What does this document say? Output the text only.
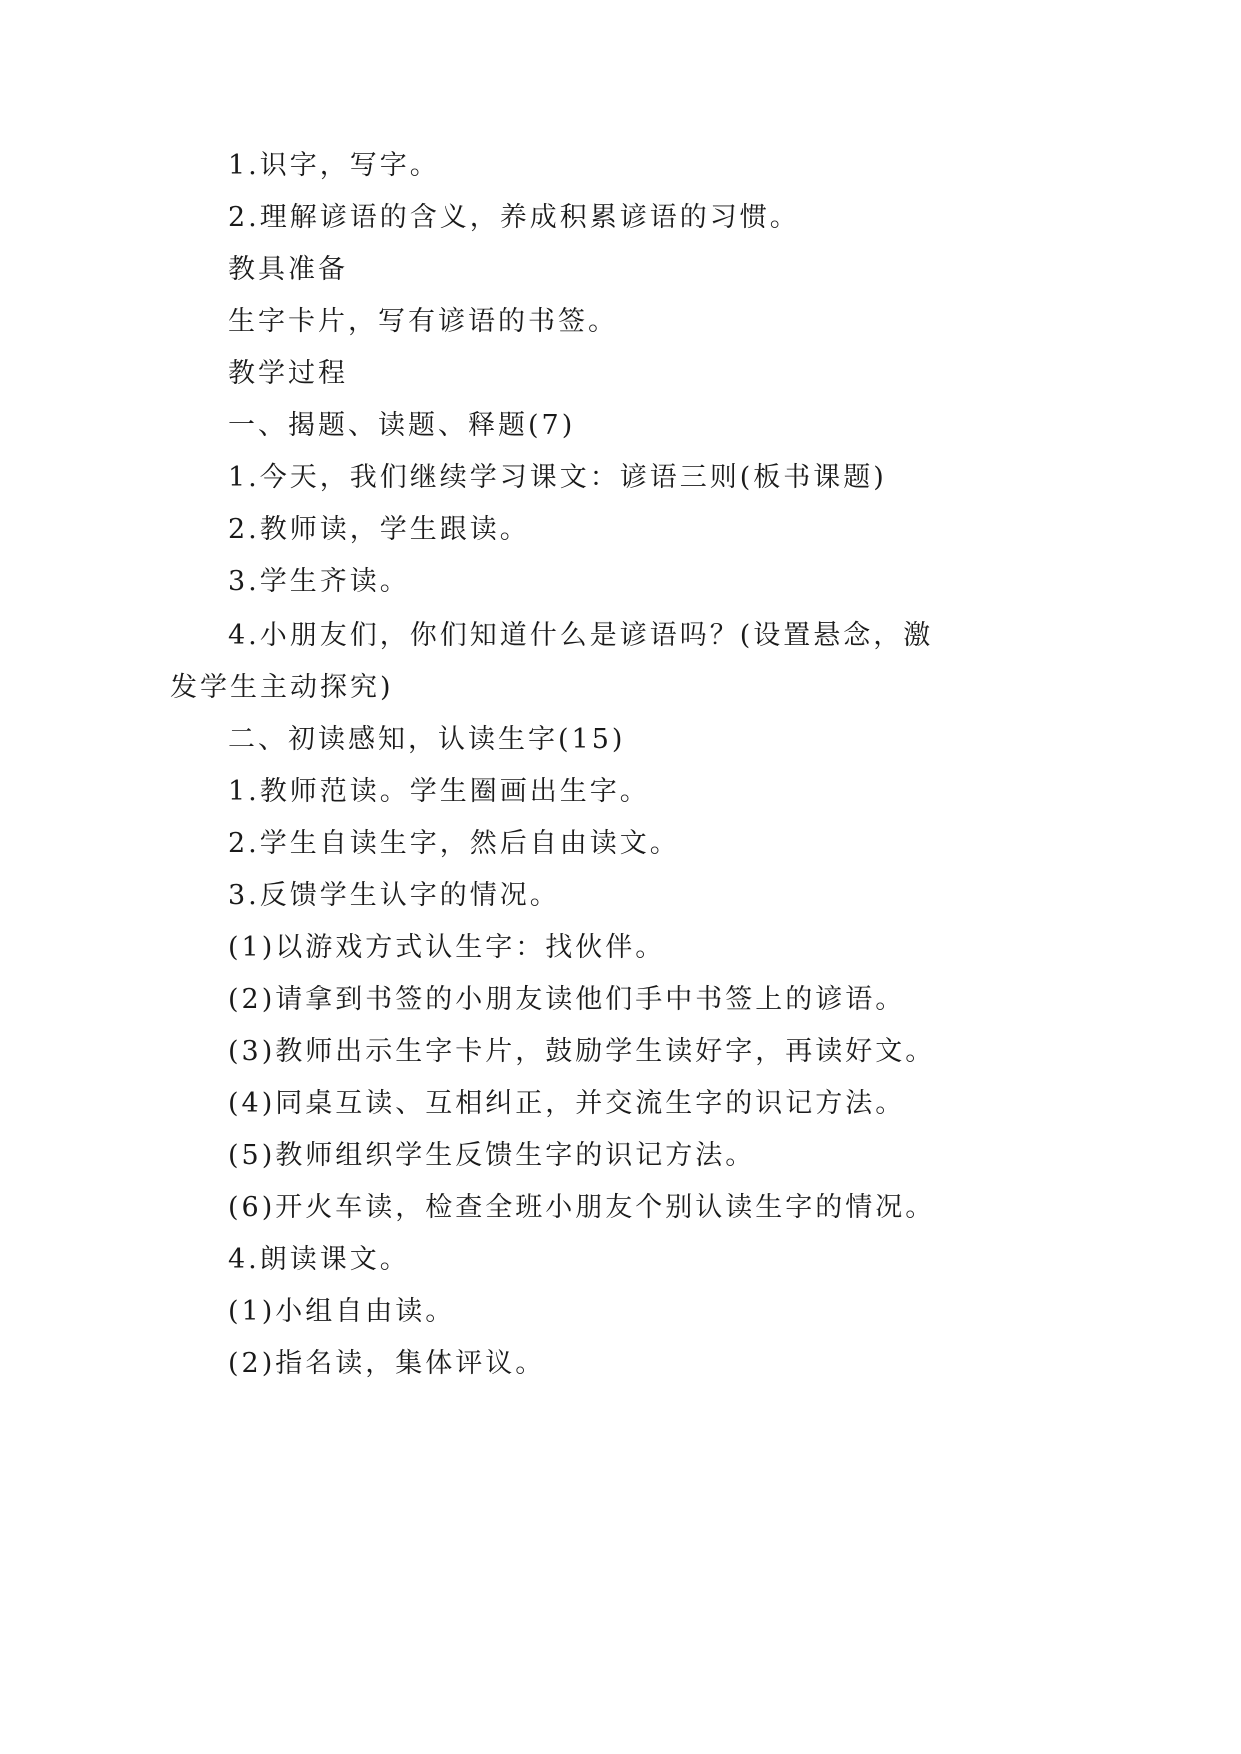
1.识字，写字。
2.理解谚语的含义，养成积累谚语的习惯。
教具准备
生字卡片，写有谚语的书签。
教学过程
一、揭题、读题、释题(7)
1.今天，我们继续学习课文：谚语三则(板书课题)
2.教师读，学生跟读。
3.学生齐读。
4.小朋友们，你们知道什么是谚语吗？(设置悬念，激
发学生主动探究)
二、初读感知，认读生字(15)
1.教师范读。学生圈画出生字。
2.学生自读生字，然后自由读文。
3.反馈学生认字的情况。
(1)以游戏方式认生字：找伙伴。
(2)请拿到书签的小朋友读他们手中书签上的谚语。
(3)教师出示生字卡片，鼓励学生读好字，再读好文。
(4)同桌互读、互相纠正，并交流生字的识记方法。
(5)教师组织学生反馈生字的识记方法。
(6)开火车读，检查全班小朋友个别认读生字的情况。
4.朗读课文。
(1)小组自由读。
(2)指名读，集体评议。
